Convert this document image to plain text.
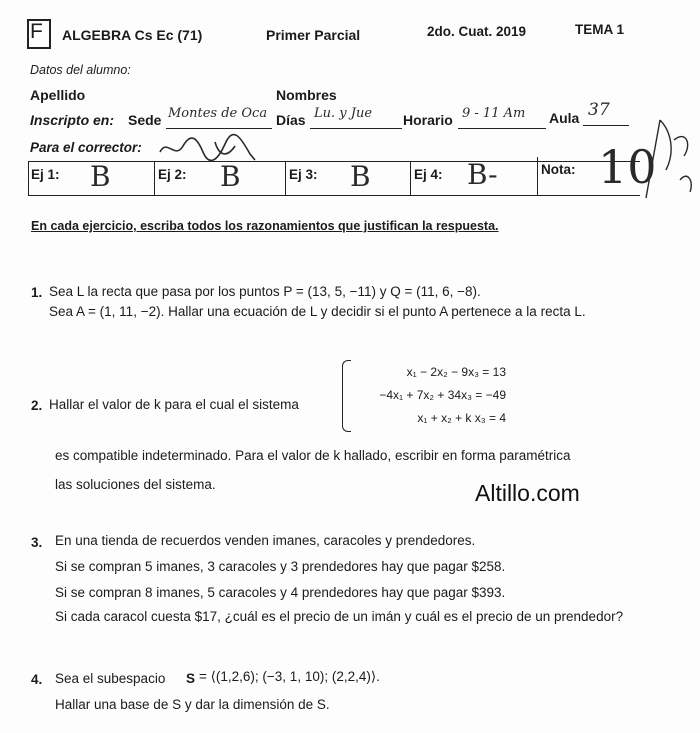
F ALGEBRA Cs Ec (71)	Primer Parcial	2do. Cuat. 2019	TEMA 1
Datos del alumno:
Apellido	Nombres
Inscripto en: Sede Montes de Oca Días Lu. y Jue Horario 9 - 11 Am Aula 37
Para el corrector:
Ej 1: B	Ej 2: B	Ej 3: B	Ej 4: B-	Nota: 10
En cada ejercicio, escriba todos los razonamientos que justifican la respuesta.
1. Sea L la recta que pasa por los puntos P = (13, 5, −11) y Q = (11, 6, −8).
Sea A = (1, 11, −2). Hallar una ecuación de L y decidir si el punto A pertenece a la recta L.
2. Hallar el valor de k para el cual el sistema
x₁ − 2x₂ − 9x₃ = 13
−4x₁ + 7x₂ + 34x₃ = −49
x₁ + x₂ + k x₃ = 4
es compatible indeterminado. Para el valor de k hallado, escribir en forma paramétrica
las soluciones del sistema.	Altillo.com
3. En una tienda de recuerdos venden imanes, caracoles y prendedores.
Si se compran 5 imanes, 3 caracoles y 3 prendedores hay que pagar $258.
Si se compran 8 imanes, 5 caracoles y 4 prendedores hay que pagar $393.
Si cada caracol cuesta $17, ¿cuál es el precio de un imán y cuál es el precio de un prendedor?
4. Sea el subespacio S = ⟨(1,2,6); (−3, 1, 10); (2,2,4)⟩.
Hallar una base de S y dar la dimensión de S.
